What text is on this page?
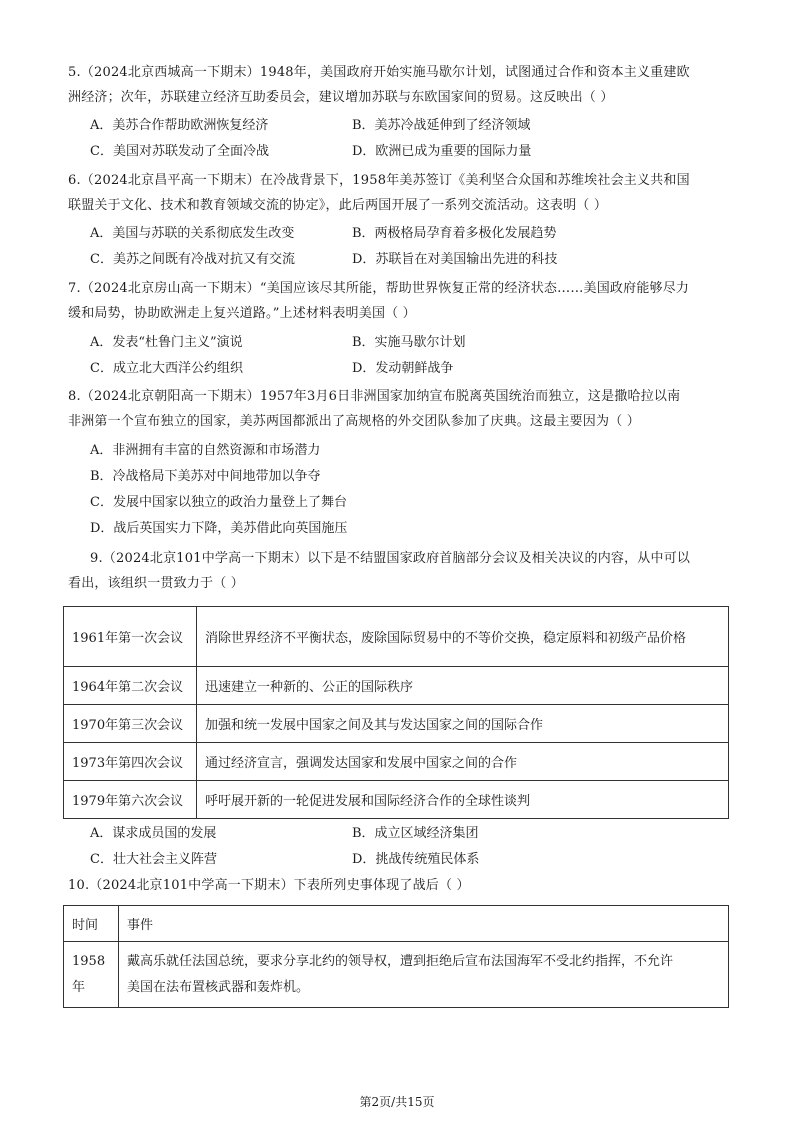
5.（2024北京西城高一下期末）1948年，美国政府开始实施马歇尔计划，试图通过合作和资本主义重建欧
洲经济；次年，苏联建立经济互助委员会，建议增加苏联与东欧国家间的贸易。这反映出（ ）
A．美苏合作帮助欧洲恢复经济	B．美苏冷战延伸到了经济领域
C．美国对苏联发动了全面冷战	D．欧洲已成为重要的国际力量
6.（2024北京昌平高一下期末）在冷战背景下，1958年美苏签订《美利坚合众国和苏维埃社会主义共和国
联盟关于文化、技术和教育领域交流的协定》，此后两国开展了一系列交流活动。这表明（ ）
A．美国与苏联的关系彻底发生改变	B．两极格局孕育着多极化发展趋势
C．美苏之间既有冷战对抗又有交流	D．苏联旨在对美国输出先进的科技
7.（2024北京房山高一下期末）“美国应该尽其所能，帮助世界恢复正常的经济状态……美国政府能够尽力
缓和局势，协助欧洲走上复兴道路。”上述材料表明美国（ ）
A．发表“杜鲁门主义”演说	B．实施马歇尔计划
C．成立北大西洋公约组织	D．发动朝鲜战争
8.（2024北京朝阳高一下期末）1957年3月6日非洲国家加纳宣布脱离英国统治而独立，这是撒哈拉以南
非洲第一个宣布独立的国家，美苏两国都派出了高规格的外交团队参加了庆典。这最主要因为（ ）
A．非洲拥有丰富的自然资源和市场潜力
B．冷战格局下美苏对中间地带加以争夺
C．发展中国家以独立的政治力量登上了舞台
D．战后英国实力下降，美苏借此向英国施压
9.（2024北京101中学高一下期末）以下是不结盟国家政府首脑部分会议及相关决议的内容，从中可以
看出，该组织一贯致力于（ ）
1961年第一次会议	消除世界经济不平衡状态，废除国际贸易中的不等价交换，稳定原料和初级产品价格
1964年第二次会议	迅速建立一种新的、公正的国际秩序
1970年第三次会议	加强和统一发展中国家之间及其与发达国家之间的国际合作
1973年第四次会议	通过经济宣言，强调发达国家和发展中国家之间的合作
1979年第六次会议	呼吁展开新的一轮促进发展和国际经济合作的全球性谈判
A．谋求成员国的发展	B．成立区域经济集团
C．壮大社会主义阵营	D．挑战传统殖民体系
10.（2024北京101中学高一下期末）下表所列史事体现了战后（ ）
时间	事件
1958年	戴高乐就任法国总统，要求分享北约的领导权，遭到拒绝后宣布法国海军不受北约指挥，不允许
美国在法布置核武器和轰炸机。
第2页/共15页
